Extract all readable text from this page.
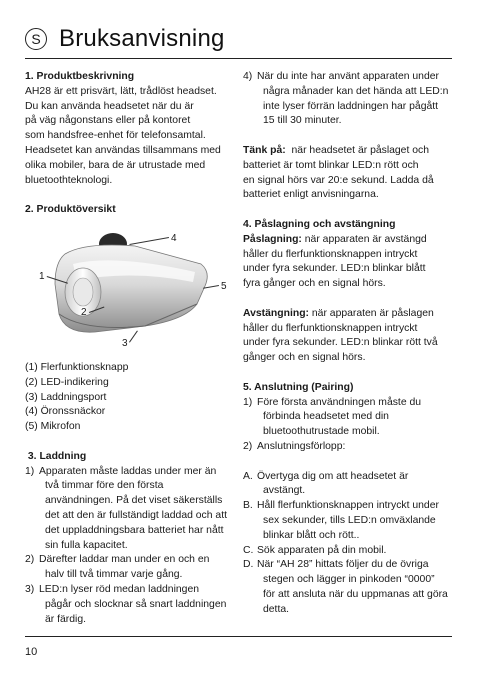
S Bruksanvisning

1. Produktbeskrivning

AH28 är ett prisvärt, lätt, trådlöst headset.

Du kan använda headsetet när du är

på väg någonstans eller på kontoret

som handsfree-enhet för telefonsamtal.

Headsetet kan användas tillsammans med

olika mobiler, bara de är utrustade med

bluetoothteknologi.

2. Produktöversikt

1
2
3
4
5

(1) Flerfunktionsknapp

(2) LED-indikering

(3) Laddningsport

(4) Öronssnäckor

(5) Mikrofon

3. Laddning

1) Apparaten måste laddas under mer än

två timmar före den första

användningen. På det viset säkerställs

det att den är fullständigt laddad och att

det uppladdningsbara batteriet har nått

sin fulla kapacitet.

2) Därefter laddar man under en och en

halv till två timmar varje gång.

3) LED:n lyser röd medan laddningen

pågår och slocknar så snart laddningen

är färdig.

4) När du inte har använt apparaten under

några månader kan det hända att LED:n

inte lyser förrän laddningen har pågått

15 till 30 minuter.

Tänk på:  när headsetet är påslaget och

batteriet är tomt blinkar LED:n rött och

en signal hörs var 20:e sekund. Ladda då

batteriet enligt anvisningarna.

4. Påslagning och avstängning

Påslagning: när apparaten är avstängd

håller du flerfunktionsknappen intryckt

under fyra sekunder. LED:n blinkar blått

fyra gånger och en signal hörs.

Avstängning: när apparaten är påslagen

håller du flerfunktionsknappen intryckt

under fyra sekunder. LED:n blinkar rött två

gånger och en signal hörs.

5. Anslutning (Pairing)

1) Före första användningen måste du

förbinda headsetet med din

bluetoothutrustade mobil.

2) Anslutningsförlopp:

A. Övertyga dig om att headsetet är

avstängt.

B. Håll flerfunktionsknappen intryckt under

sex sekunder, tills LED:n omväxlande

blinkar blått och rött..

C. Sök apparaten på din mobil.

D. När “AH 28” hittats följer du de övriga

stegen och lägger in pinkoden “0000”

för att ansluta när du uppmanas att göra

detta.

10
